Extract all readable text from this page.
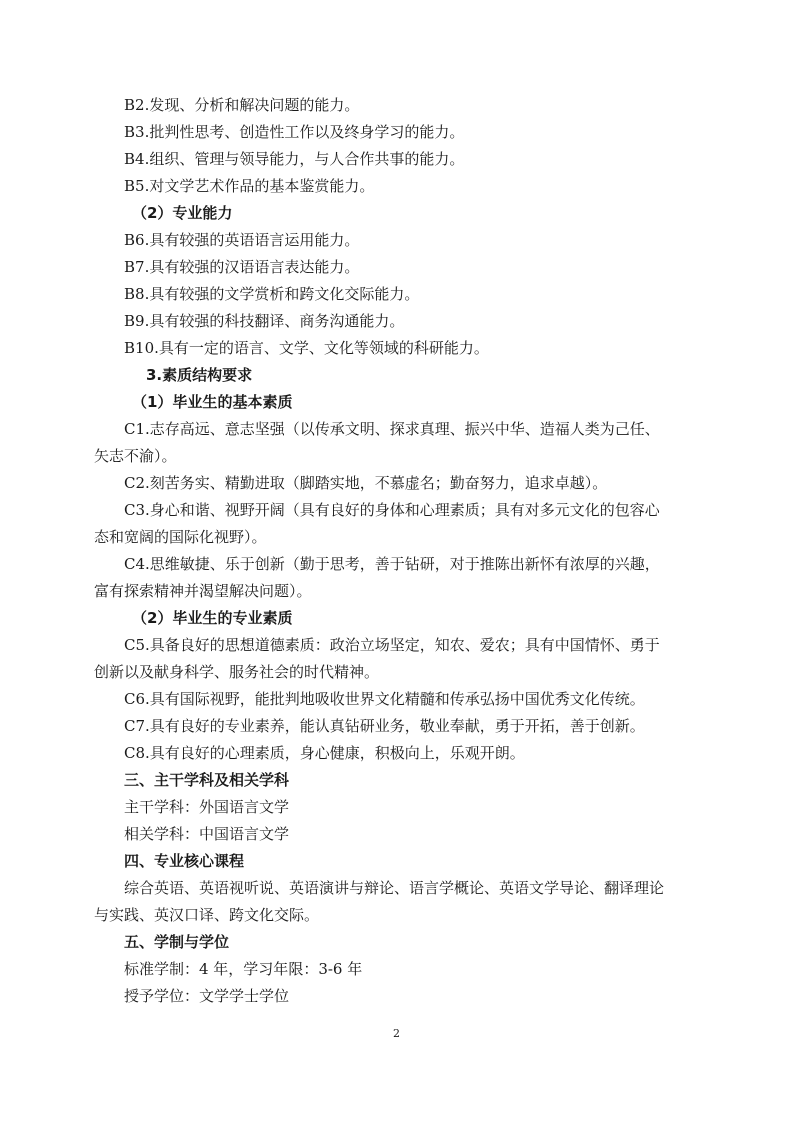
B2.发现、分析和解决问题的能力。

B3.批判性思考、创造性工作以及终身学习的能力。

B4.组织、管理与领导能力，与人合作共事的能力。

B5.对文学艺术作品的基本鉴赏能力。

（2）专业能力

B6.具有较强的英语语言运用能力。

B7.具有较强的汉语语言表达能力。

B8.具有较强的文学赏析和跨文化交际能力。

B9.具有较强的科技翻译、商务沟通能力。

B10.具有一定的语言、文学、文化等领域的科研能力。

3.素质结构要求

（1）毕业生的基本素质

C1.志存高远、意志坚强（以传承文明、探求真理、振兴中华、造福人类为己任、

矢志不渝）。

C2.刻苦务实、精勤进取（脚踏实地，不慕虚名；勤奋努力，追求卓越）。

C3.身心和谐、视野开阔（具有良好的身体和心理素质；具有对多元文化的包容心

态和宽阔的国际化视野）。

C4.思维敏捷、乐于创新（勤于思考，善于钻研，对于推陈出新怀有浓厚的兴趣，

富有探索精神并渴望解决问题）。

（2）毕业生的专业素质

C5.具备良好的思想道德素质：政治立场坚定，知农、爱农；具有中国情怀、勇于

创新以及献身科学、服务社会的时代精神。

C6.具有国际视野，能批判地吸收世界文化精髓和传承弘扬中国优秀文化传统。

C7.具有良好的专业素养，能认真钻研业务，敬业奉献，勇于开拓，善于创新。

C8.具有良好的心理素质，身心健康，积极向上，乐观开朗。

三、主干学科及相关学科

主干学科：外国语言文学

相关学科：中国语言文学

四、专业核心课程

综合英语、英语视听说、英语演讲与辩论、语言学概论、英语文学导论、翻译理论

与实践、英汉口译、跨文化交际。

五、学制与学位

标准学制：4 年，学习年限：3-6 年

授予学位：文学学士学位

2
